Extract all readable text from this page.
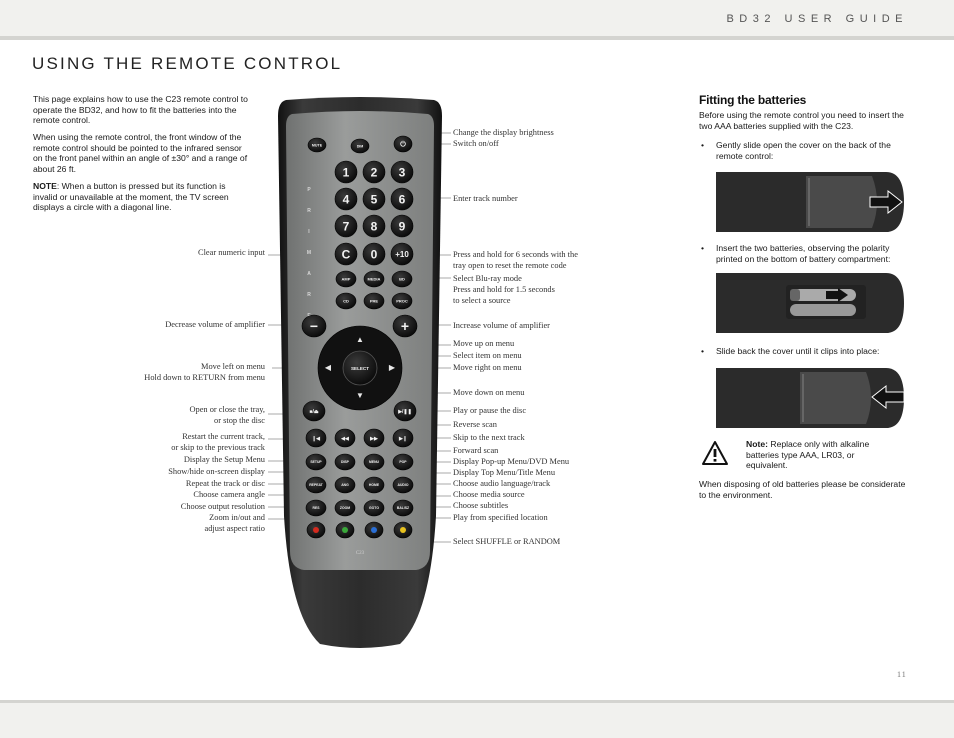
BD32 USER GUIDE
USING THE REMOTE CONTROL
This page explains how to use the C23 remote control to operate the BD32, and how to fit the batteries into the remote control.
When using the remote control, the front window of the remote control should be pointed to the infrared sensor on the front panel within an angle of ±30° and a range of about 26 ft.
NOTE: When a button is pressed but its function is invalid or unavailable at the moment, the TV screen displays a circle with a diagonal line.
Clear numeric input
Decrease volume of amplifier
Move left on menu
Hold down to RETURN from menu
Open or close the tray,
or stop the disc
Restart the current track,
or skip to the previous track
Display the Setup Menu
Show/hide on-screen display
Repeat the track or disc
Choose camera angle
Choose output resolution
Zoom in/out and
adjust aspect ratio
Change the display brightness
Switch on/off
Enter track number
Press and hold for 6 seconds with the
tray open to reset the remote code
Select Blu-ray mode
Press and hold for 1.5 seconds
to select a source
Increase volume of amplifier
Move up on menu
Select item on menu
Move right on menu
Move down on menu
Play or pause the disc
Reverse scan
Skip to the next track
Forward scan
Display Pop-up Menu/DVD Menu
Display Top Menu/Title Menu
Choose audio language/track
Choose media source
Choose subtitles
Play from specified location
Select SHUFFLE or RANDOM
P
R
I
M
A
R
MUTE	DIM	⏻
1 2 3
4 5 6
7 8 9
C 0 +10
AMP	MEDIA	BD
CD	PRE	PROC
−	+
SELECT
▲
▼
◀	▶
■/⏏	▶/❚❚
❙◀	◀◀	▶▶	▶❙
SETUP	DISP	MENU	POP
REPEAT	ANG	HOME	AUDIO
RES	ZOOM	GOTO	BAL/SZ
C23
Fitting the batteries
Before using the remote control you need to insert the two AAA batteries supplied with the C23.
• Gently slide open the cover on the back of the remote control:
• Insert the two batteries, observing the polarity printed on the bottom of battery compartment:
• Slide back the cover until it clips into place:
Note: Replace only with alkaline batteries type AAA, LR03, or equivalent.
When disposing of old batteries please be considerate to the environment.
11
